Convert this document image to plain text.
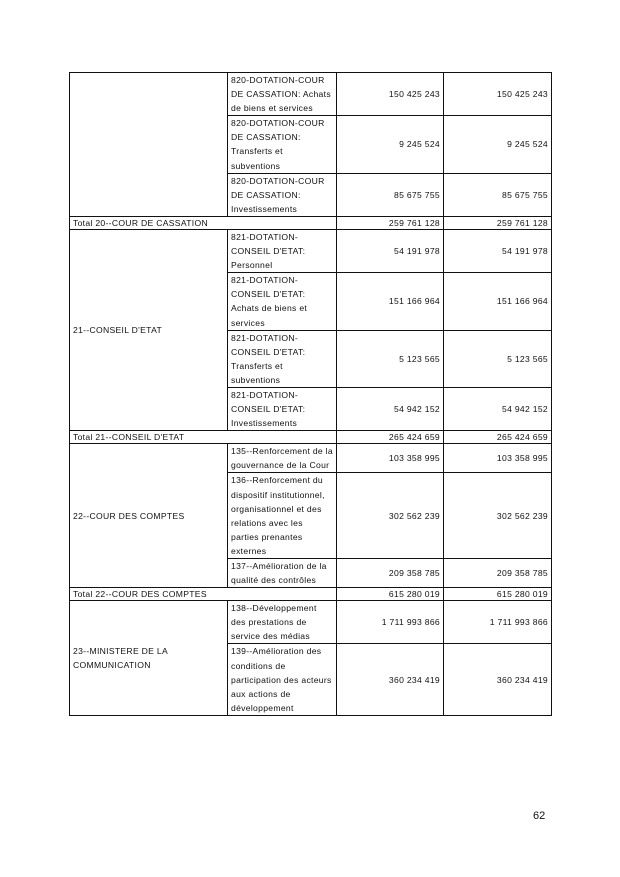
	820-DOTATION-COUR DE CASSATION: Achats de biens et services	150 425 243	150 425 243
	820-DOTATION-COUR DE CASSATION: Transferts et subventions	9 245 524	9 245 524
	820-DOTATION-COUR DE CASSATION: Investissements	85 675 755	85 675 755
Total 20--COUR DE CASSATION		259 761 128	259 761 128
21--CONSEIL D'ETAT	821-DOTATION-CONSEIL D'ETAT: Personnel	54 191 978	54 191 978
	821-DOTATION-CONSEIL D'ETAT: Achats de biens et services	151 166 964	151 166 964
	821-DOTATION-CONSEIL D'ETAT: Transferts et subventions	5 123 565	5 123 565
	821-DOTATION-CONSEIL D'ETAT: Investissements	54 942 152	54 942 152
Total 21--CONSEIL D'ETAT		265 424 659	265 424 659
22--COUR DES COMPTES	135--Renforcement de la gouvernance de la Cour	103 358 995	103 358 995
	136--Renforcement du dispositif institutionnel, organisationnel et des relations avec les parties prenantes externes	302 562 239	302 562 239
	137--Amélioration de la qualité des contrôles	209 358 785	209 358 785
Total 22--COUR DES COMPTES		615 280 019	615 280 019
23--MINISTERE DE LA COMMUNICATION	138--Développement des prestations de service des médias	1 711 993 866	1 711 993 866
	139--Amélioration des conditions de participation des acteurs aux actions de développement	360 234 419	360 234 419
62
